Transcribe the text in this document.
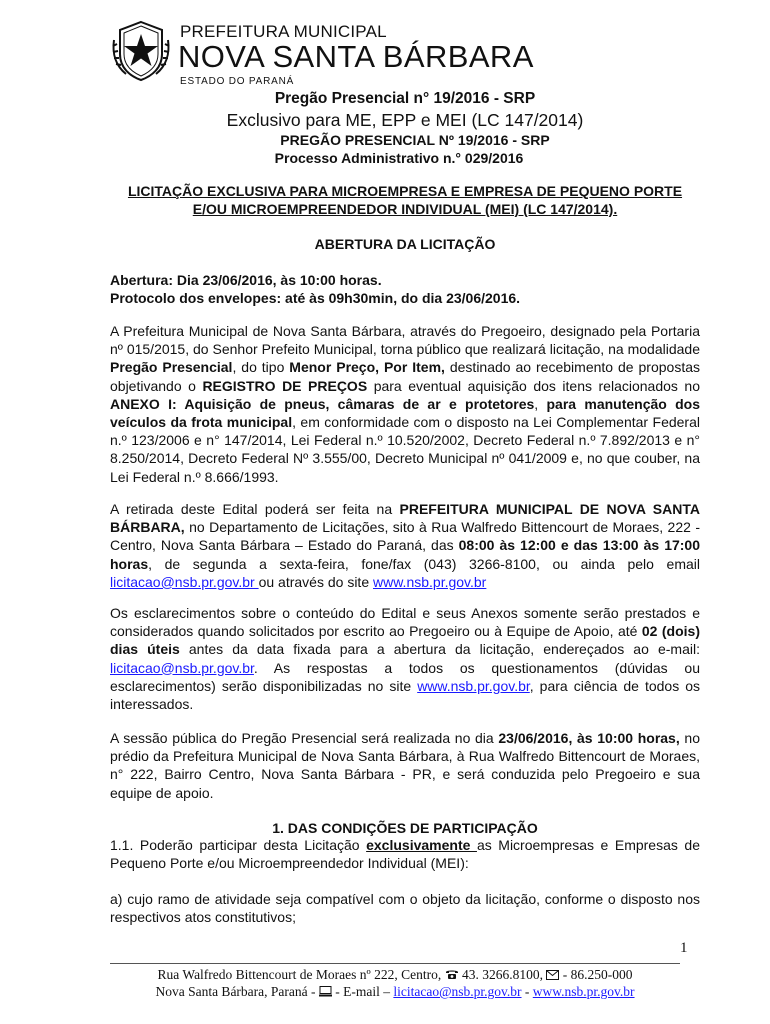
PREFEITURA MUNICIPAL
NOVA SANTA BÁRBARA
ESTADO DO PARANÁ
Pregão Presencial n° 19/2016 - SRP
Exclusivo para ME, EPP e MEI (LC 147/2014)
PREGÃO PRESENCIAL Nº 19/2016 - SRP
Processo Administrativo n.° 029/2016
LICITAÇÃO EXCLUSIVA PARA MICROEMPRESA E EMPRESA DE PEQUENO PORTE
E/OU MICROEMPREENDEDOR INDIVIDUAL (MEI) (LC 147/2014).
ABERTURA DA LICITAÇÃO
Abertura: Dia 23/06/2016, às 10:00 horas.
Protocolo dos envelopes: até às 09h30min, do dia 23/06/2016.
A Prefeitura Municipal de Nova Santa Bárbara, através do Pregoeiro, designado pela Portaria nº 015/2015, do Senhor Prefeito Municipal, torna público que realizará licitação, na modalidade Pregão Presencial, do tipo Menor Preço, Por Item, destinado ao recebimento de propostas objetivando o REGISTRO DE PREÇOS para eventual aquisição dos itens relacionados no ANEXO I: Aquisição de pneus, câmaras de ar e protetores, para manutenção dos veículos da frota municipal, em conformidade com o disposto na Lei Complementar Federal n.º 123/2006 e n° 147/2014, Lei Federal n.º 10.520/2002, Decreto Federal n.º 7.892/2013 e n° 8.250/2014, Decreto Federal Nº 3.555/00, Decreto Municipal nº 041/2009 e, no que couber, na Lei Federal n.º 8.666/1993.
A retirada deste Edital poderá ser feita na PREFEITURA MUNICIPAL DE NOVA SANTA BÁRBARA, no Departamento de Licitações, sito à Rua Walfredo Bittencourt de Moraes, 222 - Centro, Nova Santa Bárbara – Estado do Paraná, das 08:00 às 12:00 e das 13:00 às 17:00 horas, de segunda a sexta-feira, fone/fax (043) 3266-8100, ou ainda pelo email licitacao@nsb.pr.gov.br ou através do site www.nsb.pr.gov.br
Os esclarecimentos sobre o conteúdo do Edital e seus Anexos somente serão prestados e considerados quando solicitados por escrito ao Pregoeiro ou à Equipe de Apoio, até 02 (dois) dias úteis antes da data fixada para a abertura da licitação, endereçados ao e-mail: licitacao@nsb.pr.gov.br. As respostas a todos os questionamentos (dúvidas ou esclarecimentos) serão disponibilizadas no site www.nsb.pr.gov.br, para ciência de todos os interessados.
A sessão pública do Pregão Presencial será realizada no dia 23/06/2016, às 10:00 horas, no prédio da Prefeitura Municipal de Nova Santa Bárbara, à Rua Walfredo Bittencourt de Moraes, n° 222, Bairro Centro, Nova Santa Bárbara - PR, e será conduzida pelo Pregoeiro e sua equipe de apoio.
1. DAS CONDIÇÕES DE PARTICIPAÇÃO
1.1. Poderão participar desta Licitação exclusivamente as Microempresas e Empresas de Pequeno Porte e/ou Microempreendedor Individual (MEI):
a) cujo ramo de atividade seja compatível com o objeto da licitação, conforme o disposto nos respectivos atos constitutivos;
1
Rua Walfredo Bittencourt de Moraes nº 222, Centro,  43. 3266.8100,  - 86.250-000
Nova Santa Bárbara, Paraná -  - E-mail – licitacao@nsb.pr.gov.br - www.nsb.pr.gov.br
